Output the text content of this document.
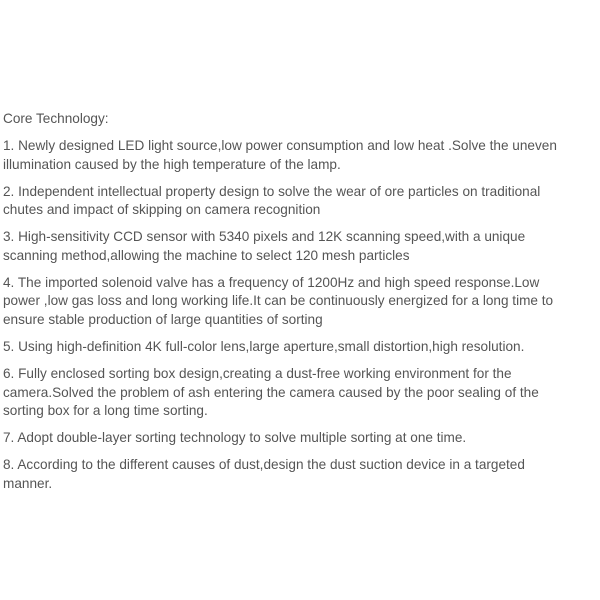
Core Technology:

1. Newly designed LED light source,low power consumption and low heat .Solve the uneven
illumination caused by the high temperature of the lamp.

2. Independent intellectual property design to solve the wear of ore particles on traditional
chutes and impact of skipping on camera recognition

3. High-sensitivity CCD sensor with 5340 pixels and 12K scanning speed,with a unique
scanning method,allowing the machine to select 120 mesh particles

4. The imported solenoid valve has a frequency of 1200Hz and high speed response.Low
power ,low gas loss and long working life.It can be continuously energized for a long time to
ensure stable production of large quantities of sorting

5. Using high-definition 4K full-color lens,large aperture,small distortion,high resolution.

6. Fully enclosed sorting box design,creating a dust-free working environment for the
camera.Solved the problem of ash entering the camera caused by the poor sealing of the
sorting box for a long time sorting.

7. Adopt double-layer sorting technology to solve multiple sorting at one time.

8. According to the different causes of dust,design the dust suction device in a targeted
manner.
